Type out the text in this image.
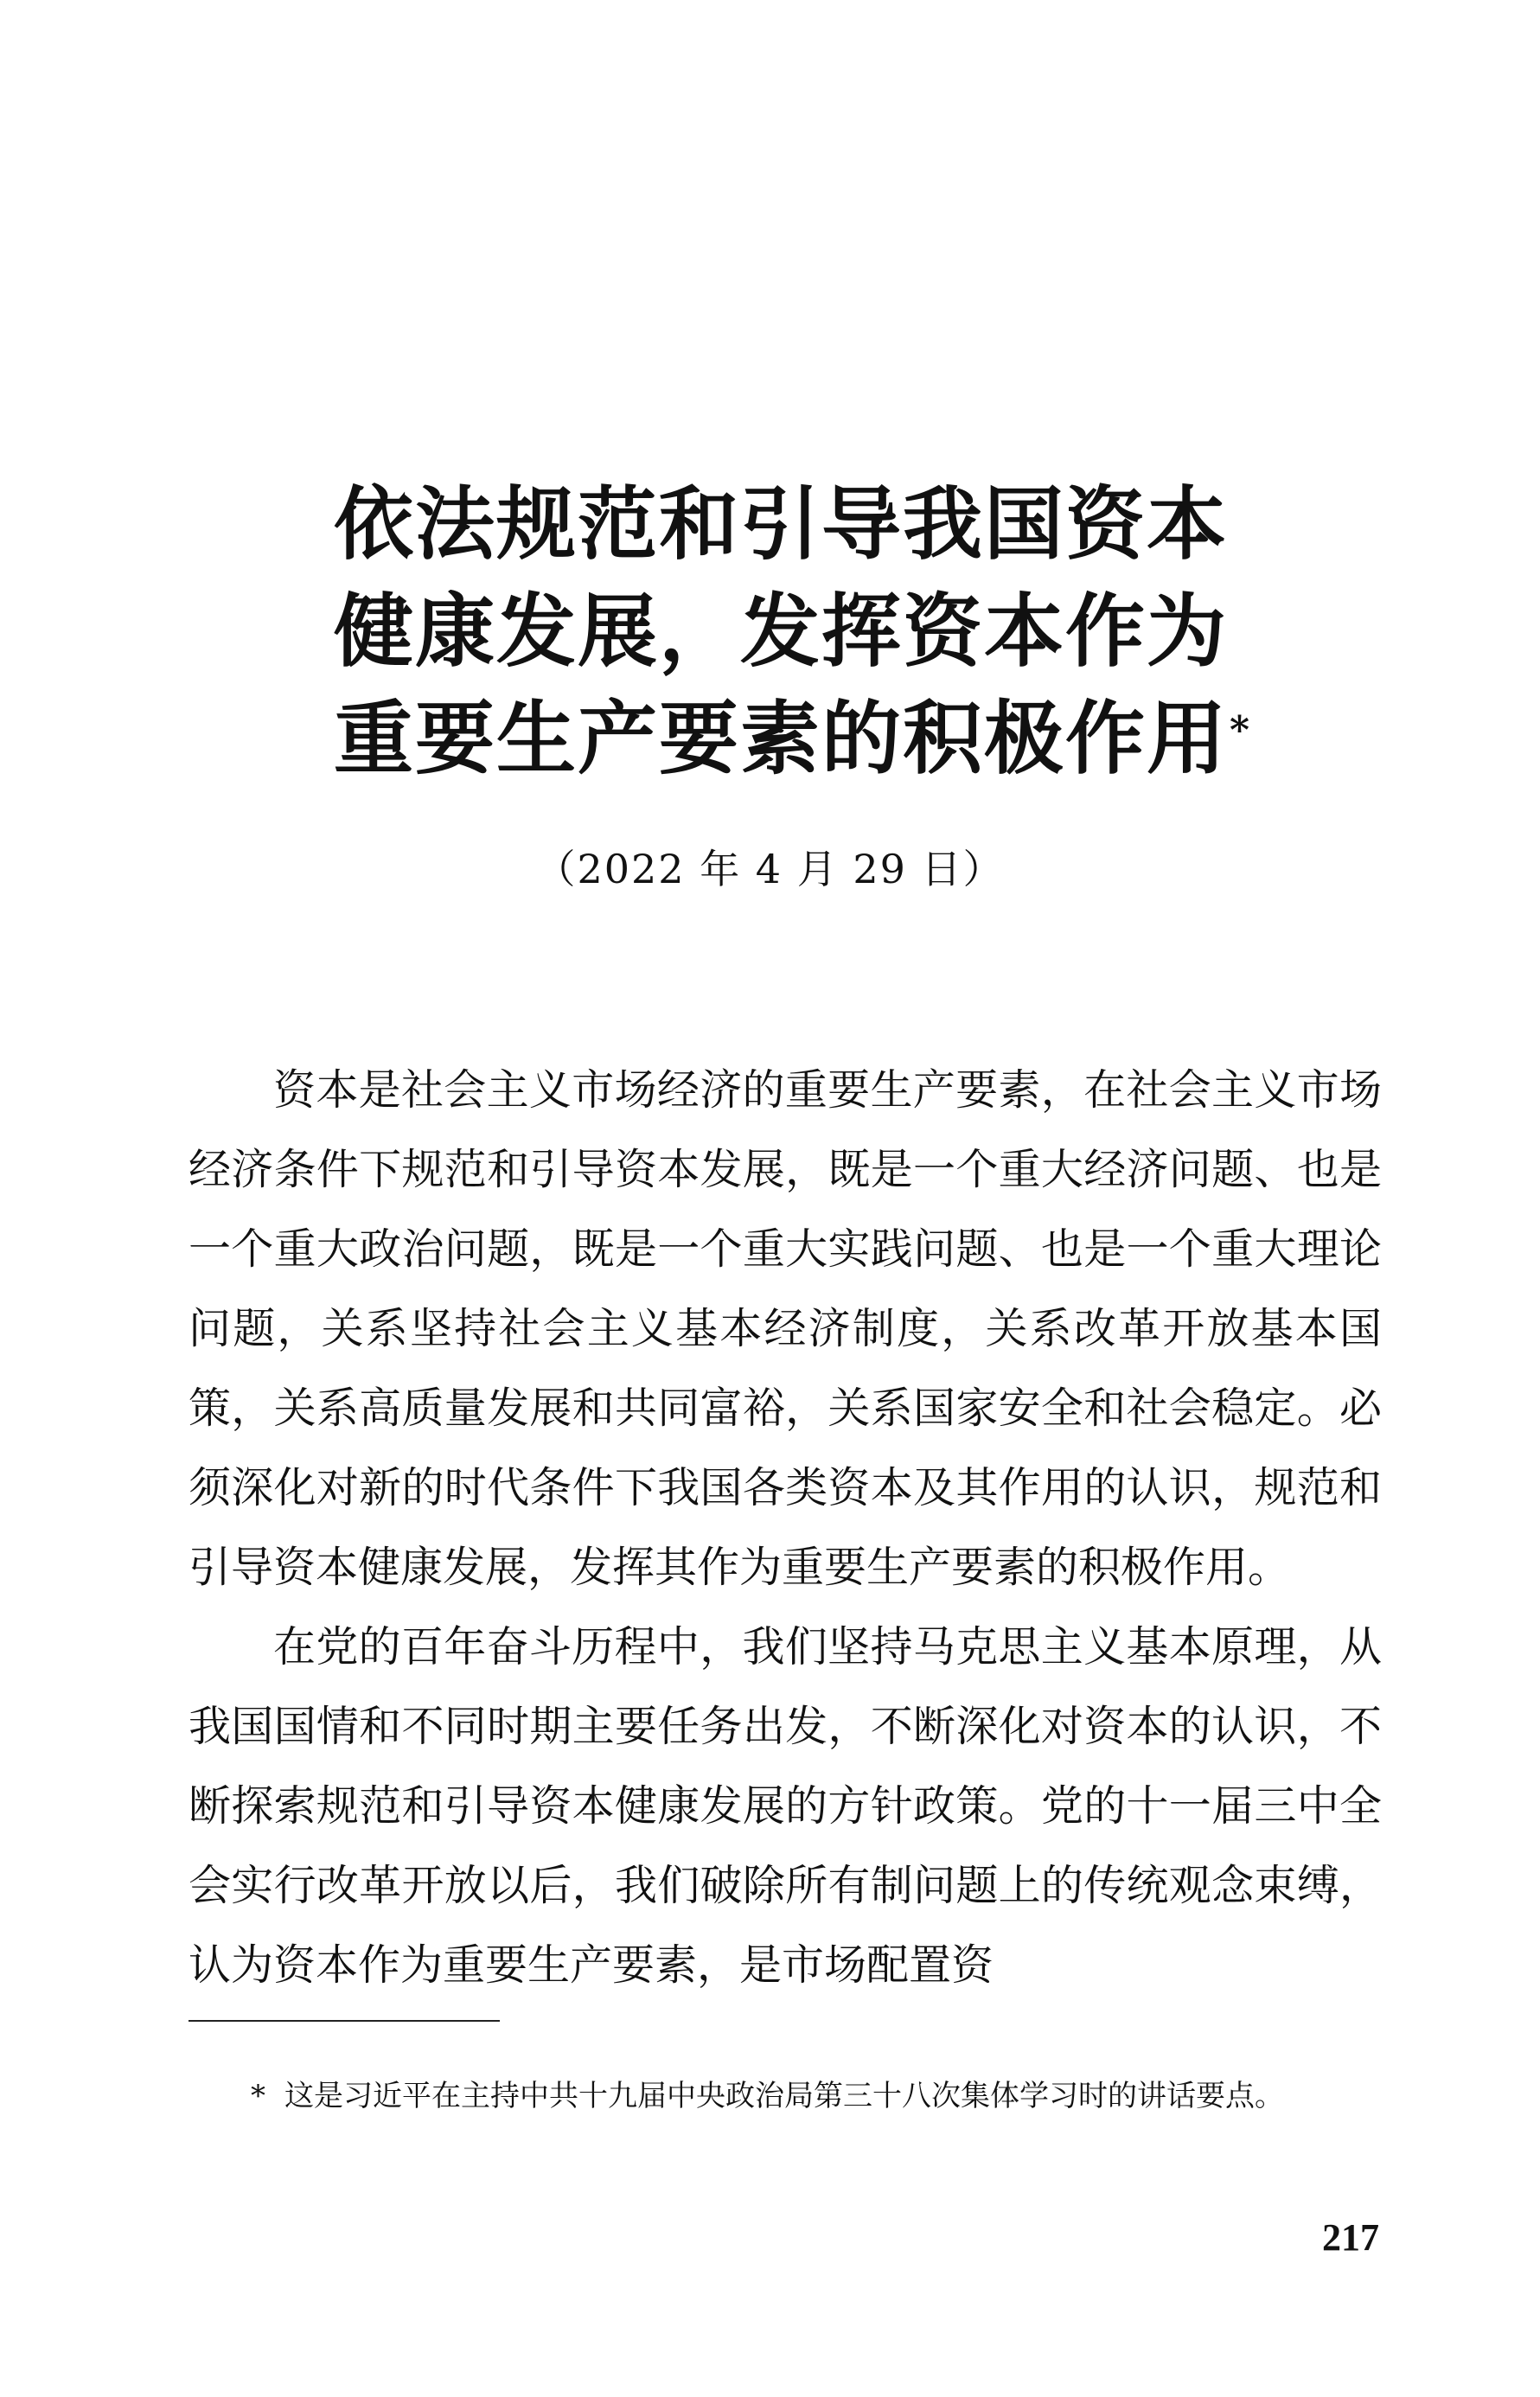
依法规范和引导我国资本
健康发展，发挥资本作为
重要生产要素的积极作用*
（2022 年 4 月 29 日）

资本是社会主义市场经济的重要生产要素，在社会主义市场经济条件下规范和引导资本发展，既是一个重大经济问题、也是一个重大政治问题，既是一个重大实践问题、也是一个重大理论问题，关系坚持社会主义基本经济制度，关系改革开放基本国策，关系高质量发展和共同富裕，关系国家安全和社会稳定。必须深化对新的时代条件下我国各类资本及其作用的认识，规范和引导资本健康发展，发挥其作为重要生产要素的积极作用。

在党的百年奋斗历程中，我们坚持马克思主义基本原理，从我国国情和不同时期主要任务出发，不断深化对资本的认识，不断探索规范和引导资本健康发展的方针政策。党的十一届三中全会实行改革开放以后，我们破除所有制问题上的传统观念束缚，认为资本作为重要生产要素，是市场配置资

* 这是习近平在主持中共十九届中央政治局第三十八次集体学习时的讲话要点。
217
